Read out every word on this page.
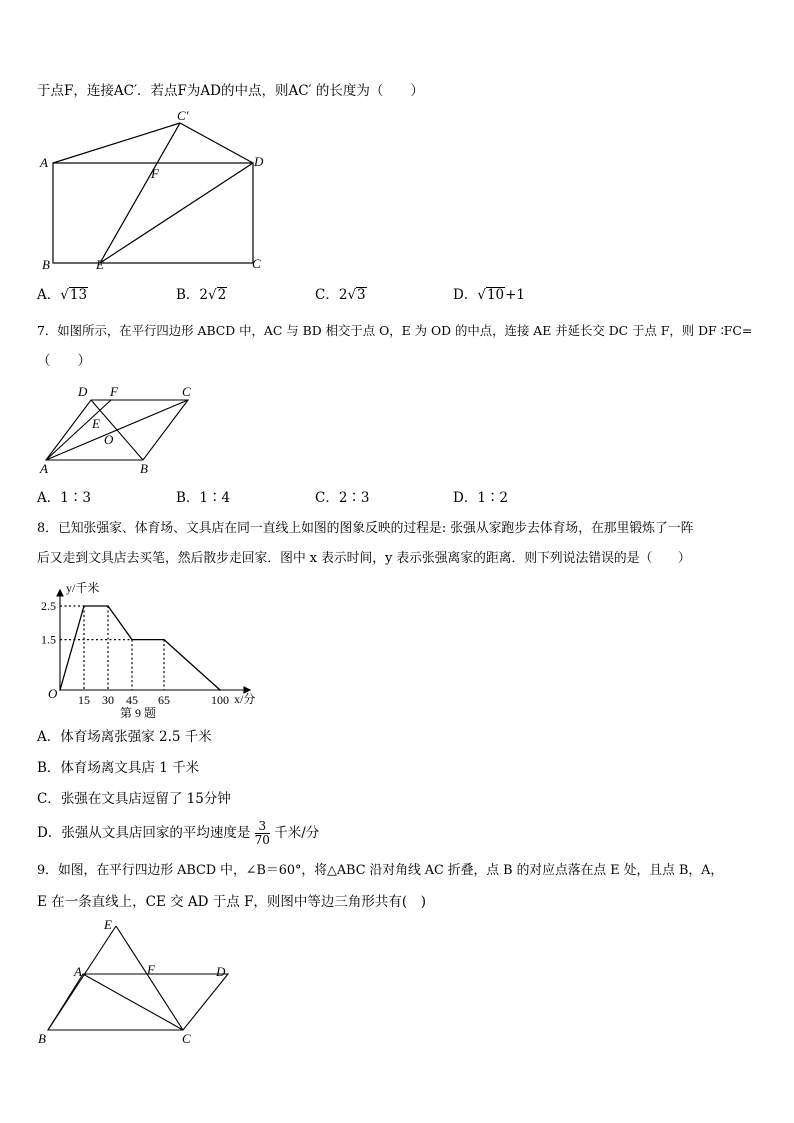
于点F，连接AC′．若点F为AD的中点，则AC′ 的长度为（　　）
A
B	C
D
E
F
C′
A．√13	B．2√2	C．2√3	D．√10+1
7．如图所示，在平行四边形 ABCD 中，AC 与 BD 相交于点 O，E 为 OD 的中点，连接 AE 并延长交 DC 于点 F，则 DF ∶FC=
（　　）
A	B
C
D
E
F
O
A．1∶3	B．1∶4	C．2∶3	D．1∶2
8．已知张强家、体育场、文具店在同一直线上如图的图象反映的过程是: 张强从家跑步去体育场，在那里锻炼了一阵
后又走到文具店去买笔，然后散步走回家．图中 x 表示时间，y 表示张强离家的距离．则下列说法错误的是（　　）
15 30 45 65	100
1.5
2.5
O
y/千米
x/分
第 9 题
A．体育场离张强家 2.5 千米
B．体育场离文具店 1 千米
C．张强在文具店逗留了 15分钟
D．张强从文具店回家的平均速度是 $\frac{3}{70}$ 千米/分
9．如图，在平行四边形 ABCD 中，∠B＝60°，将△ABC 沿对角线 AC 折叠，点 B 的对应点落在点 E 处，且点 B，A，
E 在一条直线上，CE 交 AD 于点 F，则图中等边三角形共有(　)
A
B	C
D
E
F
